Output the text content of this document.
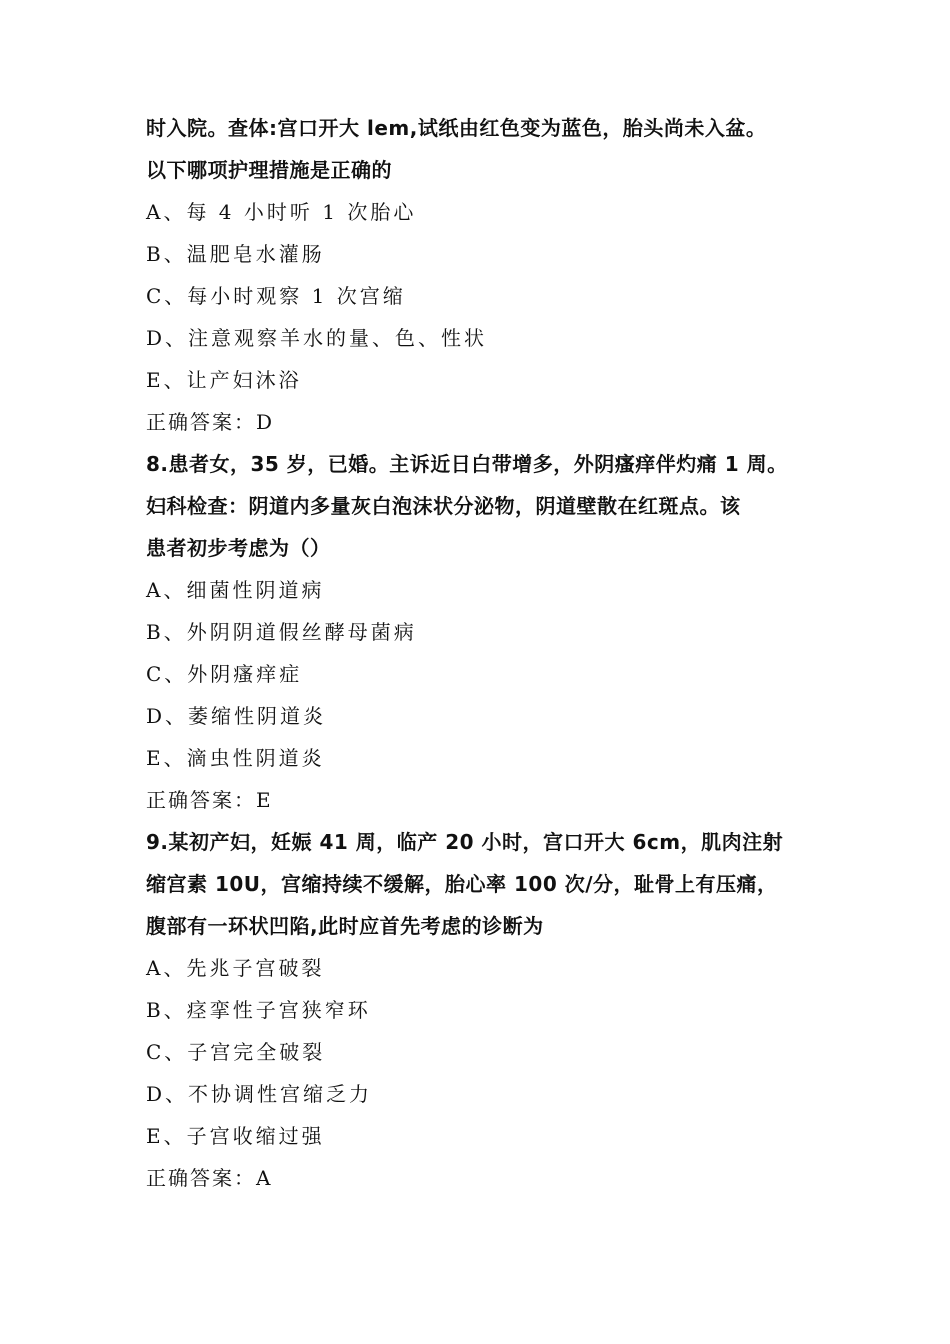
时入院。查体:宫口开大 lem,试纸由红色变为蓝色，胎头尚未入盆。
以下哪项护理措施是正确的
A、每 4 小时听 1 次胎心
B、温肥皂水灌肠
C、每小时观察 1 次宫缩
D、注意观察羊水的量、色、性状
E、让产妇沐浴
正确答案：D
8.患者女，35 岁，已婚。主诉近日白带增多，外阴瘙痒伴灼痛 1 周。
妇科检查：阴道内多量灰白泡沫状分泌物，阴道壁散在红斑点。该
患者初步考虑为（）
A、细菌性阴道病
B、外阴阴道假丝酵母菌病
C、外阴瘙痒症
D、萎缩性阴道炎
E、滴虫性阴道炎
正确答案：E
9.某初产妇，妊娠 41 周，临产 20 小时，宫口开大 6cm，肌肉注射
缩宫素 10U，宫缩持续不缓解，胎心率 100 次/分，耻骨上有压痛，
腹部有一环状凹陷,此时应首先考虑的诊断为
A、先兆子宫破裂
B、痉挛性子宫狭窄环
C、子宫完全破裂
D、不协调性宫缩乏力
E、子宫收缩过强
正确答案：A
